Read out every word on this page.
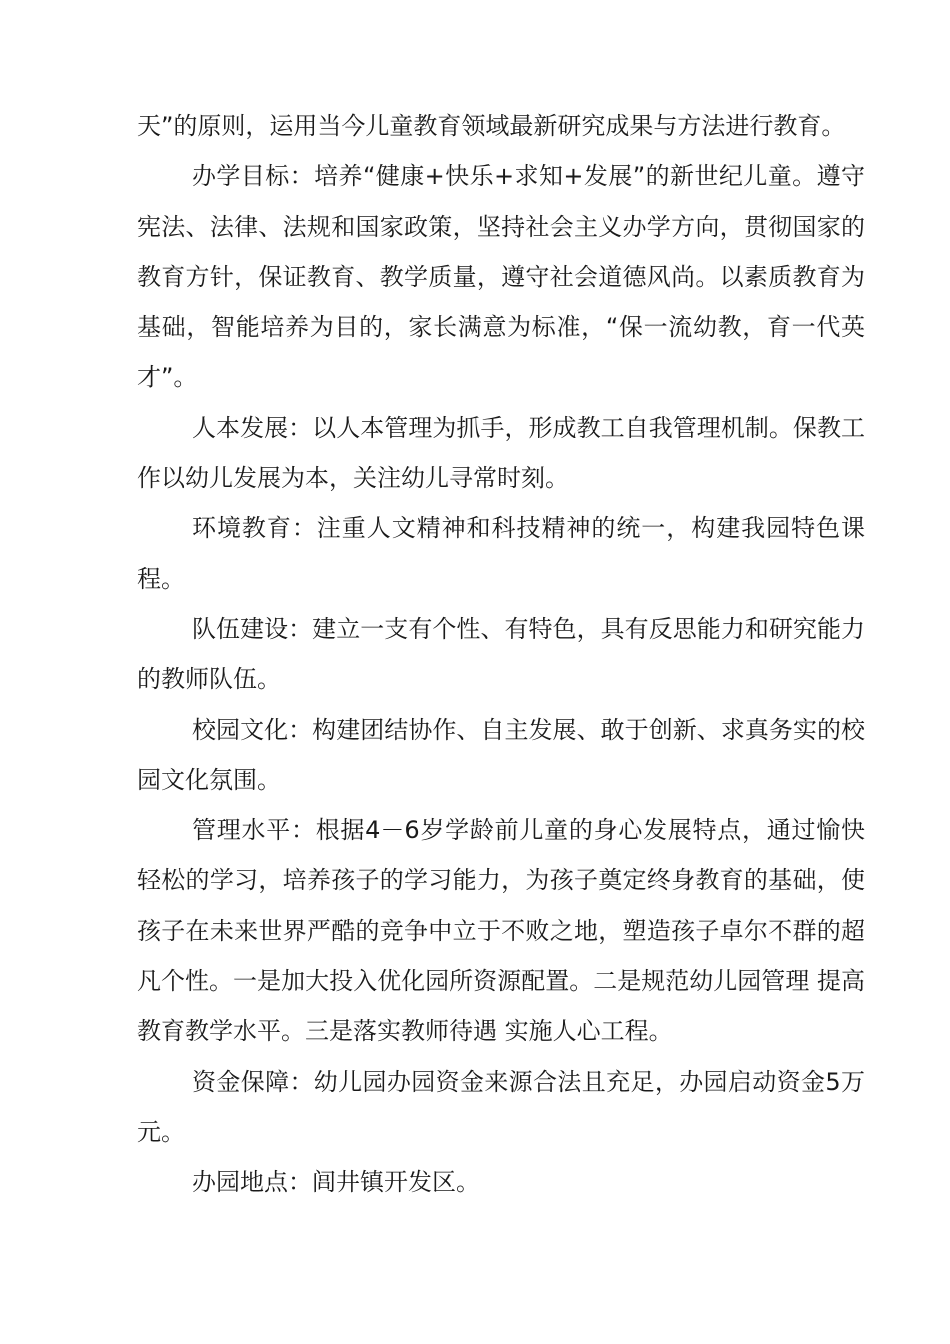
天”的原则，运用当今儿童教育领域最新研究成果与方法进行教育。

办学目标：培养“健康+快乐+求知+发展”的新世纪儿童。遵守宪法、法律、法规和国家政策，坚持社会主义办学方向，贯彻国家的教育方针，保证教育、教学质量，遵守社会道德风尚。以素质教育为基础，智能培养为目的，家长满意为标准，“保一流幼教，育一代英才”。

人本发展：以人本管理为抓手，形成教工自我管理机制。保教工作以幼儿发展为本，关注幼儿寻常时刻。

环境教育：注重人文精神和科技精神的统一，构建我园特色课程。

队伍建设：建立一支有个性、有特色，具有反思能力和研究能力的教师队伍。

校园文化：构建团结协作、自主发展、敢于创新、求真务实的校园文化氛围。

管理水平：根据4－6岁学龄前儿童的身心发展特点，通过愉快轻松的学习，培养孩子的学习能力，为孩子奠定终身教育的基础，使孩子在未来世界严酷的竞争中立于不败之地，塑造孩子卓尔不群的超凡个性。一是加大投入优化园所资源配置。二是规范幼儿园管理 提高教育教学水平。三是落实教师待遇 实施人心工程。

资金保障：幼儿园办园资金来源合法且充足，办园启动资金5万元。

办园地点：闾井镇开发区。
